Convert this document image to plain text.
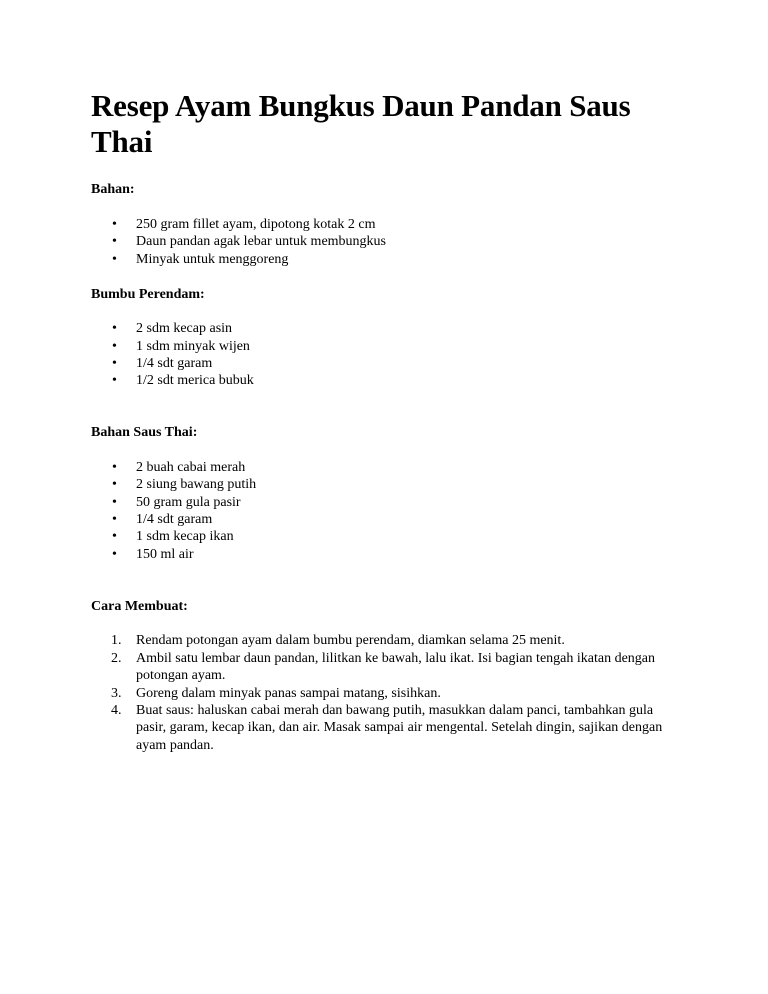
Resep Ayam Bungkus Daun Pandan Saus Thai

Bahan:

• 250 gram fillet ayam, dipotong kotak 2 cm
• Daun pandan agak lebar untuk membungkus
• Minyak untuk menggoreng

Bumbu Perendam:

• 2 sdm kecap asin
• 1 sdm minyak wijen
• 1/4 sdt garam
• 1/2 sdt merica bubuk

Bahan Saus Thai:

• 2 buah cabai merah
• 2 siung bawang putih
• 50 gram gula pasir
• 1/4 sdt garam
• 1 sdm kecap ikan
• 150 ml air

Cara Membuat:

1. Rendam potongan ayam dalam bumbu perendam, diamkan selama 25 menit.
2. Ambil satu lembar daun pandan, lilitkan ke bawah, lalu ikat. Isi bagian tengah ikatan dengan potongan ayam.
3. Goreng dalam minyak panas sampai matang, sisihkan.
4. Buat saus: haluskan cabai merah dan bawang putih, masukkan dalam panci, tambahkan gula pasir, garam, kecap ikan, dan air. Masak sampai air mengental. Setelah dingin, sajikan dengan ayam pandan.
